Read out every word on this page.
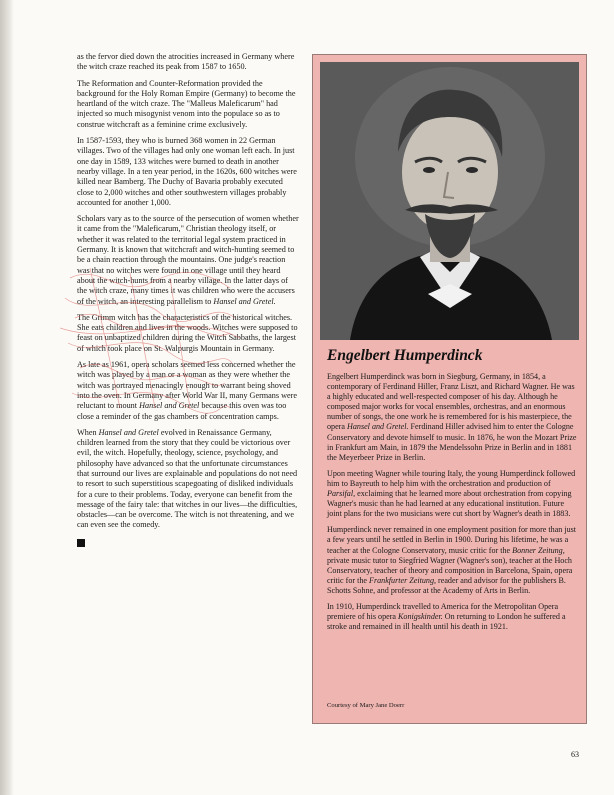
as the fervor died down the atrocities increased in Germany where the witch craze reached its peak from 1587 to 1650.

The Reformation and Counter-Reformation provided the background for the Holy Roman Empire (Germany) to become the heartland of the witch craze. The "Malleus Maleficarum" had injected so much misogynist venom into the populace so as to construe witchcraft as a feminine crime exclusively.

In 1587-1593, they who is burned 368 women in 22 German villages. Two of the villages had only one woman left each. In just one day in 1589, 133 witches were burned to death in another nearby village. In a ten year period, in the 1620s, 600 witches were killed near Bamberg. The Duchy of Bavaria probably executed close to 2,000 witches and other southwestern villages probably accounted for another 1,000.

Scholars vary as to the source of the persecution of women whether it came from the "Maleficarum," Christian theology itself, or whether it was related to the territorial legal system practiced in Germany. It is known that witchcraft and witch-hunting seemed to be a chain reaction through the mountains. One judge's reaction was that no witches were found in one village until they heard about the witch-hunts from a nearby village. In the latter days of the witch craze, many times it was children who were the accusers of the witch, an interesting parallelism to Hansel and Gretel.

The Grimm witch has the characteristics of the historical witches. She eats children and lives in the woods. Witches were supposed to feast on unbaptized children during the Witch Sabbaths, the largest of which took place on St. Walpurgis Mountain in Germany.

As late as 1961, opera scholars seemed less concerned whether the witch was played by a man or a woman as they were whether the witch was portrayed menacingly enough to warrant being shoved into the oven. In Germany after World War II, many Germans were reluctant to mount Hansel and Gretel because this oven was too close a reminder of the gas chambers of concentration camps.

When Hansel and Gretel evolved in Renaissance Germany, children learned from the story that they could be victorious over evil, the witch. Hopefully, theology, science, psychology, and philosophy have advanced so that the unfortunate circumstances that surround our lives are explainable and populations do not need to resort to such superstitious scapegoating of disliked individuals for a cure to their problems. Today, everyone can benefit from the message of the fairy tale: that witches in our lives—the difficulties, obstacles—can be overcome. The witch is not threatening, and we can even see the comedy.

Engelbert Humperdinck

Engelbert Humperdinck was born in Siegburg, Germany, in 1854, a contemporary of Ferdinand Hiller, Franz Liszt, and Richard Wagner. He was a highly educated and well-respected composer of his day. Although he composed major works for vocal ensembles, orchestras, and an enormous number of songs, the one work he is remembered for is his masterpiece, the opera Hansel and Gretel. Ferdinand Hiller advised him to enter the Cologne Conservatory and devote himself to music. In 1876, he won the Mozart Prize in Frankfurt am Main, in 1879 the Mendelssohn Prize in Berlin and in 1881 the Meyerbeer Prize in Berlin.

Upon meeting Wagner while touring Italy, the young Humperdinck followed him to Bayreuth to help him with the orchestration and production of Parsifal, exclaiming that he learned more about orchestration from copying Wagner's music than he had learned at any educational institution. Future joint plans for the two musicians were cut short by Wagner's death in 1883.

Humperdinck never remained in one employment position for more than just a few years until he settled in Berlin in 1900. During his lifetime, he was a teacher at the Cologne Conservatory, music critic for the Bonner Zeitung, private music tutor to Siegfried Wagner (Wagner's son), teacher at the Hoch Conservatory, teacher of theory and composition in Barcelona, Spain, opera critic for the Frankfurter Zeitung, reader and advisor for the publishers B. Schotts Sohne, and professor at the Academy of Arts in Berlin.

In 1910, Humperdinck travelled to America for the Metropolitan Opera premiere of his opera Konigskinder. On returning to London he suffered a stroke and remained in ill health until his death in 1921.

Courtesy of Mary Jane Doerr
63
